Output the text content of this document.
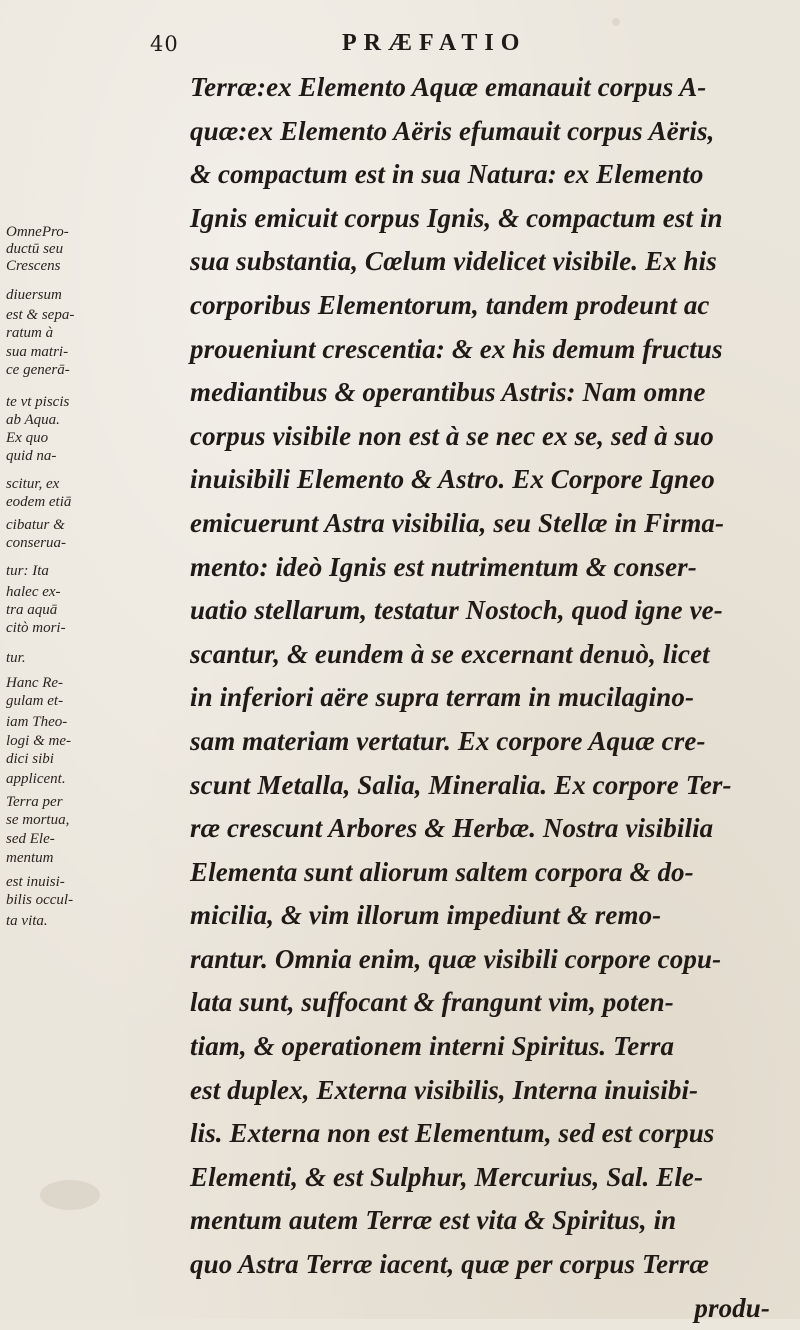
40	PRÆFATIO
OmnePro-
ductū seu
Crescens
diuersum
est & sepa-
ratum à
sua matri-
ce generā-
te vt piscis
ab Aqua.
Ex quo
quid na-
scitur, ex
eodem etiā
cibatur &
conserua-
tur: Ita
halec ex-
tra aquā
citò mori-
tur.
Hanc Re-
gulam et-
iam Theo-
logi & me-
dici sibi
applicent.
Terra per
se mortua,
sed Ele-
mentum
est inuisi-
bilis occul-
ta vita.
Terræ:ex Elemento Aquæ emanauit corpus A-
quæ:ex Elemento Aëris efumauit corpus Aëris,
& compactum est in sua Natura: ex Elemento
Ignis emicuit corpus Ignis, & compactum est in
sua substantia, Cœlum videlicet visibile. Ex his
corporibus Elementorum, tandem prodeunt ac
proueniunt crescentia: & ex his demum fructus
mediantibus & operantibus Astris: Nam omne
corpus visibile non est à se nec ex se, sed à suo
inuisibili Elemento & Astro. Ex Corpore Igneo
emicuerunt Astra visibilia, seu Stellæ in Firma-
mento: ideò Ignis est nutrimentum & conser-
uatio stellarum, testatur Nostoch, quod igne ve-
scantur, & eundem à se excernant denuò, licet
in inferiori aëre supra terram in mucilagino-
sam materiam vertatur. Ex corpore Aquæ cre-
scunt Metalla, Salia, Mineralia. Ex corpore Ter-
ræ crescunt Arbores & Herbæ. Nostra visibilia
Elementa sunt aliorum saltem corpora & do-
micilia, & vim illorum impediunt & remo-
rantur. Omnia enim, quæ visibili corpore copu-
lata sunt, suffocant & frangunt vim, poten-
tiam, & operationem interni Spiritus. Terra
est duplex, Externa visibilis, Interna inuisibi-
lis. Externa non est Elementum, sed est corpus
Elementi, & est Sulphur, Mercurius, Sal. Ele-
mentum autem Terræ est vita & Spiritus, in
quo Astra Terræ iacent, quæ per corpus Terræ
produ-
